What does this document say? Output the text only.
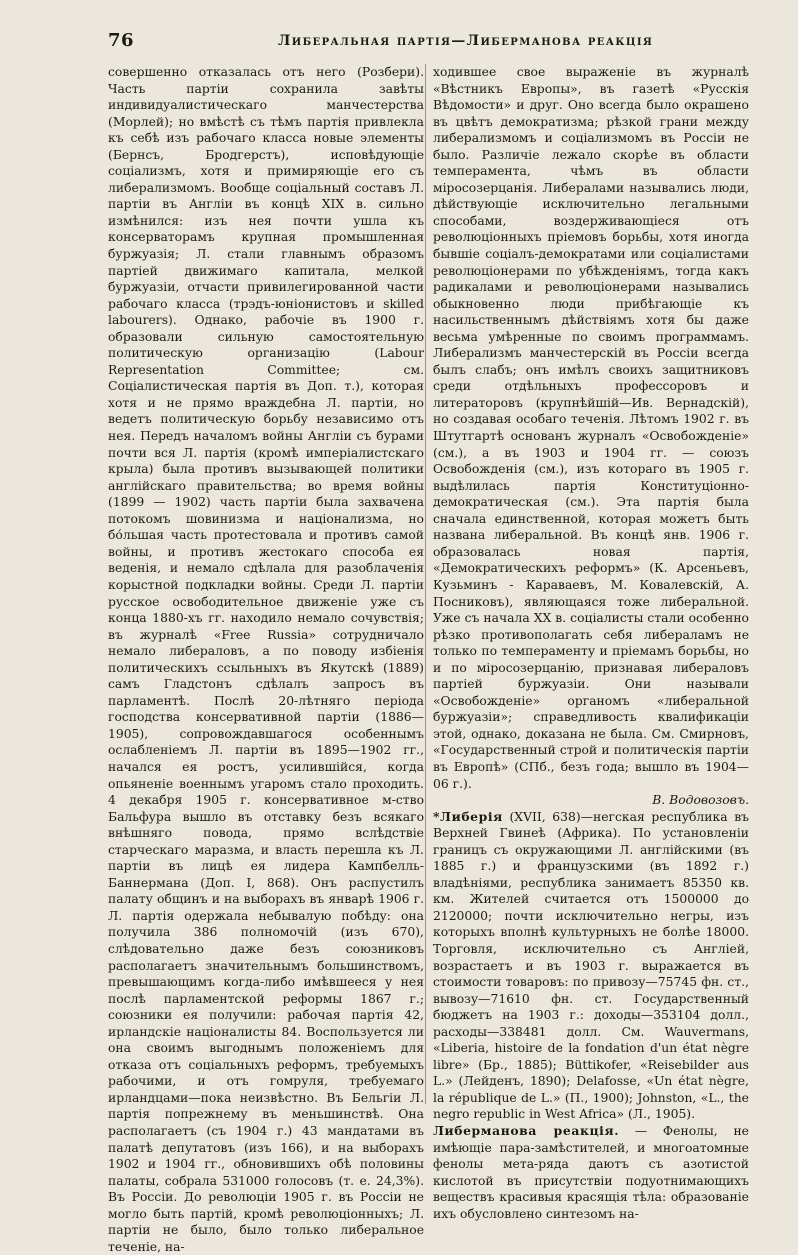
76	Либеральная партія—Либерманова реакція

совершенно отказалась отъ него (Розбери). Часть партіи сохранила завѣты индивидуалистическаго манчестерства (Морлей); но вмѣстѣ съ тѣмъ партія привлекла къ себѣ изъ рабочаго класса новые элементы (Бернсъ, Бродгерстъ), исповѣдующіе соціализмъ, хотя и примиряющіе его съ либерализмомъ. Вообще соціальный составъ Л. партіи въ Англіи въ концѣ XIX в. сильно измѣнился: изъ нея почти ушла къ консерваторамъ крупная промышленная буржуазія; Л. стали главнымъ образомъ партіей движимаго капитала, мелкой буржуазіи, отчасти привилегированной части рабочаго класса (трэдъ-юніонистовъ и skilled labourers). Однако, рабочіе въ 1900 г. образовали сильную самостоятельную политическую организацію (Labour Representation Committee; см. Соціалистическая партія въ Доп. т.), которая хотя и не прямо враждебна Л. партіи, но ведетъ политическую борьбу независимо отъ нея. Передъ началомъ войны Англіи съ бурами почти вся Л. партія (кромѣ имперіалистскаго крыла) была противъ вызывающей политики англійскаго правительства; во время войны (1899 — 1902) часть партіи была захвачена потокомъ шовинизма и націонализма, но бо́льшая часть протестовала и противъ самой войны, и противъ жестокаго способа ея веденія, и немало сдѣлала для разоблаченія корыстной подкладки войны. Среди Л. партіи русское освободительное движеніе уже съ конца 1880-хъ гг. находило немало сочувствія; въ журналѣ «Free Russia» сотрудничало немало либераловъ, а по поводу избіенія политическихъ ссыльныхъ въ Якутскѣ (1889) самъ Гладстонъ сдѣлалъ запросъ въ парламентѣ. Послѣ 20-лѣтняго періода господства консервативной партіи (1886—1905), сопровождавшагося особеннымъ ослабленіемъ Л. партіи въ 1895—1902 гг., начался ея ростъ, усилившійся, когда опьяненіе военнымъ угаромъ стало проходить. 4 декабря 1905 г. консервативное м-ство Бальфура вышло въ отставку безъ всякаго внѣшняго повода, прямо вслѣдствіе старческаго маразма, и власть перешла къ Л. партіи въ лицѣ ея лидера Кампбелль-Баннермана (Доп. I, 868). Онъ распустилъ палату общинъ и на выборахъ въ январѣ 1906 г. Л. партія одержала небывалую побѣду: она получила 386 полномочій (изъ 670), слѣдовательно даже безъ союзниковъ располагаетъ значительнымъ большинствомъ, превышающимъ когда-либо имѣвшееся у нея послѣ парламентской реформы 1867 г.; союзники ея получили: рабочая партія 42, ирландскіе націоналисты 84. Воспользуется ли она своимъ выгоднымъ положеніемъ для отказа отъ соціальныхъ реформъ, требуемыхъ рабочими, и отъ гомруля, требуемаго ирландцами—пока неизвѣстно. Въ Бельгіи Л. партія попрежнему въ меньшинствѣ. Она располагаетъ (съ 1904 г.) 43 мандатами въ палатѣ депутатовъ (изъ 166), и на выборахъ 1902 и 1904 гг., обновившихъ обѣ половины палаты, собрала 531000 голосовъ (т. е. 24,3%). Въ Россіи. До революціи 1905 г. въ Россіи не могло быть партій, кромѣ революціонныхъ; Л. партіи не было, было только либеральное теченіе, на-

ходившее свое выраженіе въ журналѣ «Вѣстникъ Европы», въ газетѣ «Русскія Вѣдомости» и друг. Оно всегда было окрашено въ цвѣтъ демократизма; рѣзкой грани между либерализмомъ и соціализмомъ въ Россіи не было. Различіе лежало скорѣе въ области темперамента, чѣмъ въ области міросозерцанія. Либералами назывались люди, дѣйствующіе исключительно легальными способами, воздерживающіеся отъ революціонныхъ пріемовъ борьбы, хотя иногда бывшіе соціалъ-демократами или соціалистами революціонерами по убѣжденіямъ, тогда какъ радикалами и революціонерами назывались обыкновенно люди прибѣгающіе къ насильственнымъ дѣйствіямъ хотя бы даже весьма умѣренные по своимъ программамъ. Либерализмъ манчестерскій въ Россіи всегда былъ слабъ; онъ имѣлъ своихъ защитниковъ среди отдѣльныхъ профессоровъ и литераторовъ (крупнѣйшій—Ив. Вернадскій), но создавая особаго теченія. Лѣтомъ 1902 г. въ Штутгартѣ основанъ журналъ «Освобожденіе» (см.), а въ 1903 и 1904 гг. — союзъ Освобожденія (см.), изъ котораго въ 1905 г. выдѣлилась партія Конституціонно-демократическая (см.). Эта партія была сначала единственной, которая можетъ быть названа либеральной. Въ концѣ янв. 1906 г. образовалась новая партія, «Демократическихъ реформъ» (К. Арсеньевъ, Кузьминъ - Караваевъ, М. Ковалевскій, А. Посниковъ), являющаяся тоже либеральной. Уже съ начала XX в. соціалисты стали особенно рѣзко противополагать себя либераламъ не только по темпераменту и пріемамъ борьбы, но и по міросозерцанію, признавая либераловъ партіей буржуазіи. Они называли «Освобожденіе» органомъ «либеральной буржуазіи»; справедливость квалификаціи этой, однако, доказана не была. См. Смирновъ, «Государственный строй и политическія партіи въ Европѣ» (СПб., безъ года; вышло въ 1904—06 г.).

В. Водовозовъ.

*Либерія (XVII, 638)—негская республика въ Верхней Гвинеѣ (Африка). По установленіи границъ съ окружающими Л. англійскими (въ 1885 г.) и французскими (въ 1892 г.) владѣніями, республика занимаетъ 85350 кв. км. Жителей считается отъ 1500000 до 2120000; почти исключительно негры, изъ которыхъ вполнѣ культурныхъ не болѣе 18000. Торговля, исключительно съ Англіей, возрастаетъ и въ 1903 г. выражается въ стоимости товаровъ: по привозу—75745 фн. ст., вывозу—71610 фн. ст. Государственный бюджетъ на 1903 г.: доходы—353104 долл., расходы—338481 долл. См. Wauvermans, «Liberia, histoire de la fondation d'un état nègre libre» (Бр., 1885); Büttikofer, «Reisebilder aus L.» (Лейденъ, 1890); Delafosse, «Un état nègre, la république de L.» (П., 1900); Johnston, «L., the negro republic in West Africa» (Л., 1905).

Либерманова реакція. — Фенолы, не имѣющіе пара-замѣстителей, и многоатомные фенолы мета-ряда даютъ съ азотистой кислотой въ присутствіи подуотнимающихъ веществъ красивыя красящія тѣла: образованіе ихъ обусловлено синтезомъ на-
